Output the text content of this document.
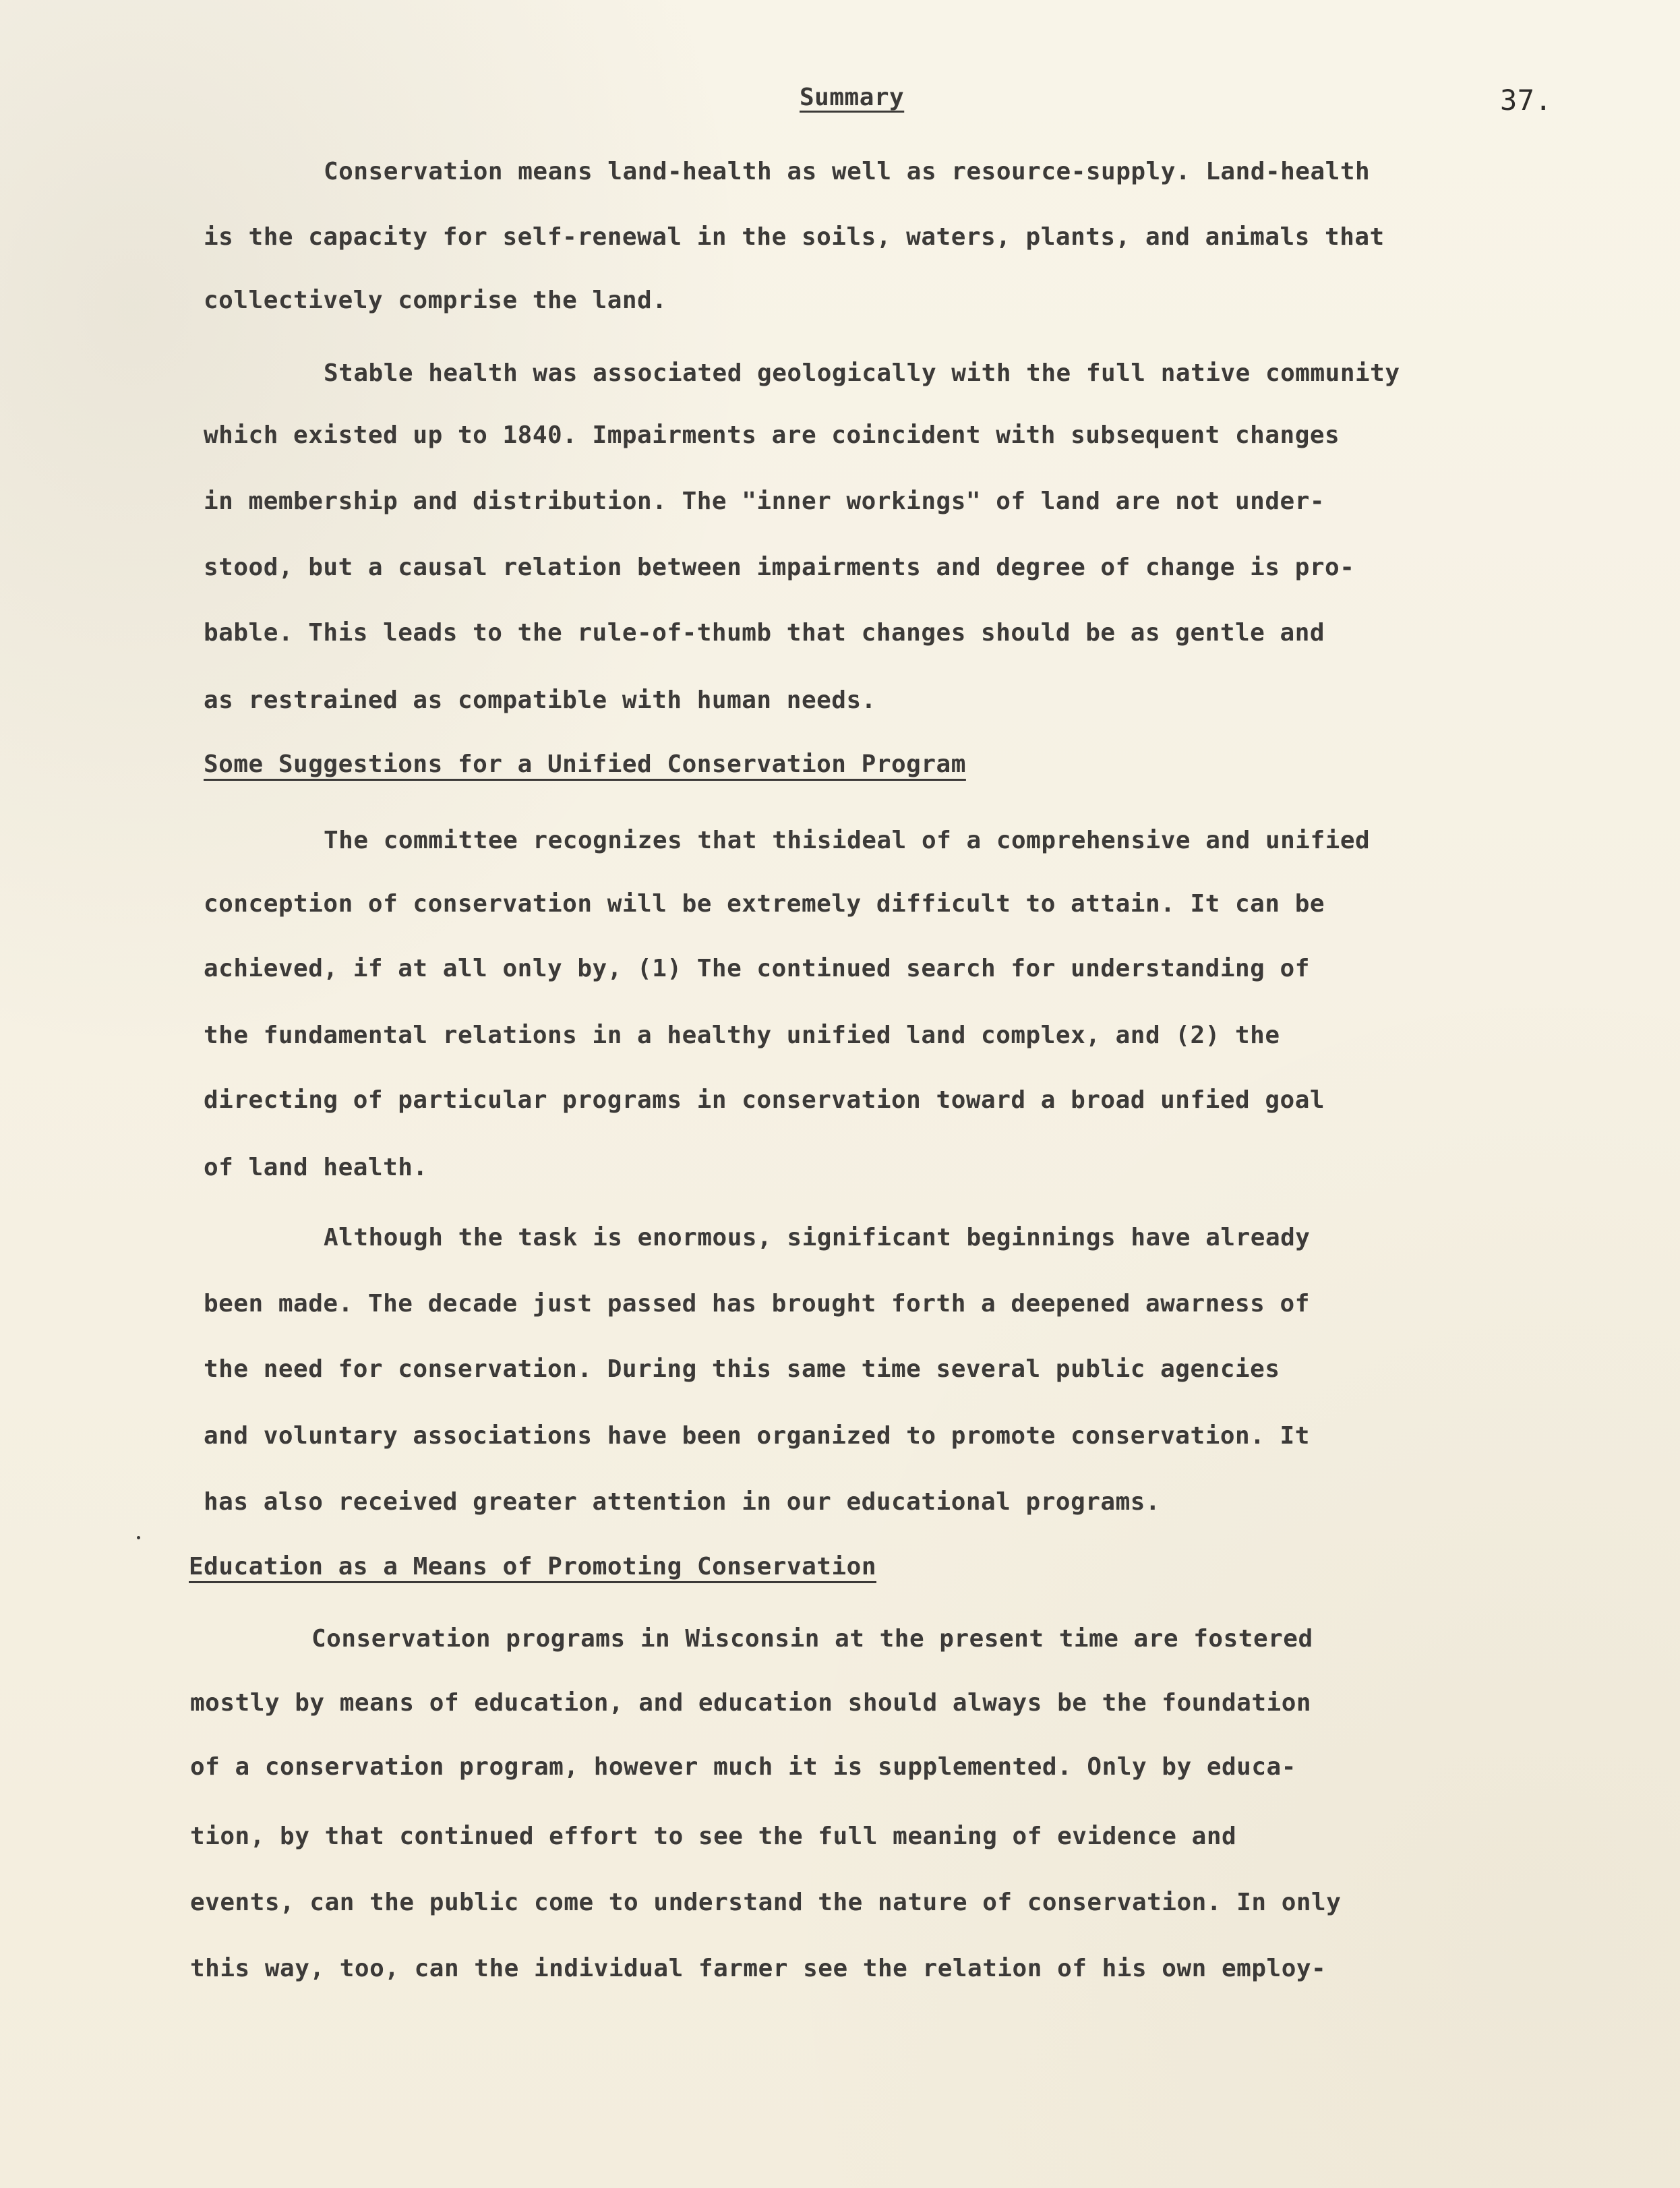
Summary	37.
Conservation means land-health as well as resource-supply. Land-health
is the capacity for self-renewal in the soils, waters, plants, and animals that
collectively comprise the land.
Stable health was associated geologically with the full native community
which existed up to 1840. Impairments are coincident with subsequent changes
in membership and distribution. The "inner workings" of land are not under-
stood, but a causal relation between impairments and degree of change is pro-
bable. This leads to the rule-of-thumb that changes should be as gentle and
as restrained as compatible with human needs.
Some Suggestions for a Unified Conservation Program
The committee recognizes that thisideal of a comprehensive and unified
conception of conservation will be extremely difficult to attain. It can be
achieved, if at all only by, (1) The continued search for understanding of
the fundamental relations in a healthy unified land complex, and (2) the
directing of particular programs in conservation toward a broad unfied goal
of land health.
Although the task is enormous, significant beginnings have already
been made. The decade just passed has brought forth a deepened awarness of
the need for conservation. During this same time several public agencies
and voluntary associations have been organized to promote conservation. It
has also received greater attention in our educational programs.
Education as a Means of Promoting Conservation
Conservation programs in Wisconsin at the present time are fostered
mostly by means of education, and education should always be the foundation
of a conservation program, however much it is supplemented. Only by educa-
tion, by that continued effort to see the full meaning of evidence and
events, can the public come to understand the nature of conservation. In only
this way, too, can the individual farmer see the relation of his own employ-
